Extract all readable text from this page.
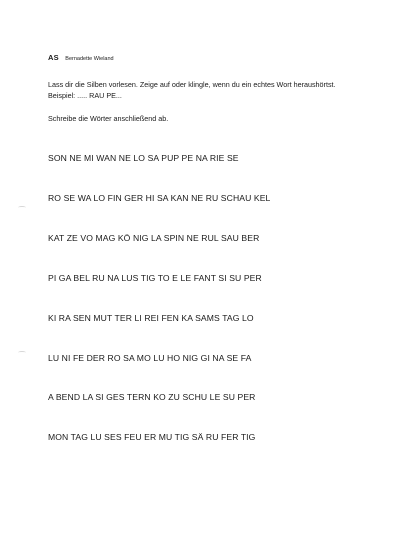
AS Bernadette Wieland
Lass dir die Silben vorlesen. Zeige auf oder klingle, wenn du ein echtes Wort heraushörtst. Beispiel: ..... RAU PE...
Schreibe die Wörter anschließend ab.
SON NE MI WAN NE LO SA PUP PE NA RIE SE
RO SE WA LO FIN GER HI SA KAN NE RU SCHAU KEL
KAT ZE VO MAG KÖ NIG LA SPIN NE RUL SAU BER
PI GA BEL RU NA LUS TIG TO E LE FANT SI SU PER
KI RA SEN MUT TER LI REI FEN KA SAMS TAG LO
LU NI FE DER RO SA MO LU HO NIG GI NA SE FA
A BEND LA SI GES TERN KO ZU SCHU LE SU PER
MON TAG LU SES FEU ER MU TIG SÄ RU FER TIG
